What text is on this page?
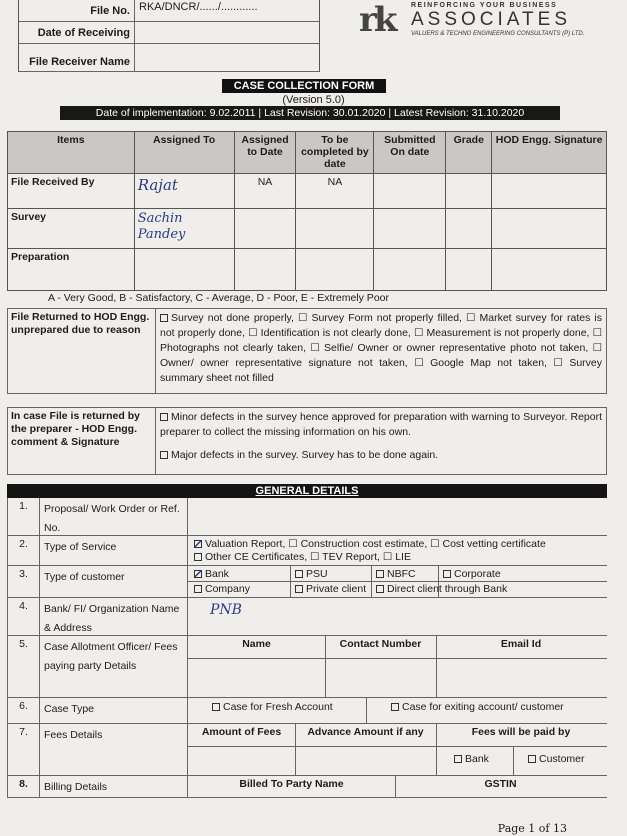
File No. RKA/DNCR/....../............
Date of Receiving
File Receiver Name
rk REINFORCING YOUR BUSINESS
ASSOCIATES
VALUERS & TECHNO ENGINEERING CONSULTANTS (P) LTD.
CASE COLLECTION FORM
(Version 5.0)
Date of implementation: 9.02.2011 | Last Revision: 30.01.2020 | Latest Revision: 31.10.2020
Items	Assigned To	Assigned to Date	To be completed by date	Submitted On date	Grade	HOD Engg. Signature
File Received By	Rajat	NA	NA			
Survey	Sachin Pandey					
Preparation						
A - Very Good, B - Satisfactory, C - Average, D - Poor, E - Extremely Poor
File Returned to HOD Engg. unprepared due to reason
Survey not done properly, ☐ Survey Form not properly filled, ☐ Market survey for rates is not properly done, ☐ Identification is not clearly done, ☐ Measurement is not properly done, ☐ Photographs not clearly taken, ☐ Selfie/ Owner or owner representative photo not taken, ☐ Owner/ owner representative signature not taken, ☐ Google Map not taken, ☐ Survey summary sheet not filled
In case File is returned by the preparer - HOD Engg. comment & Signature
Minor defects in the survey hence approved for preparation with warning to Surveyor. Report preparer to collect the missing information on his own.
Major defects in the survey. Survey has to be done again.
GENERAL DETAILS
1.	Proposal/ Work Order or Ref. No.
2.	Type of Service	Valuation Report, ☐ Construction cost estimate, ☐ Cost vetting certificate
Other CE Certificates, ☐ TEV Report, ☐ LIE
3.	Type of customer	Bank	PSU	NBFC	Corporate
Company	Private client	Direct client through Bank
4.	Bank/ FI/ Organization Name & Address
PNB
5.	Case Allotment Officer/ Fees paying party Details
Name	Contact Number	Email Id
6.	Case Type	Case for Fresh Account	Case for exiting account/ customer
7.	Fees Details	Amount of Fees	Advance Amount if any	Fees will be paid by
Bank	Customer
8.	Billing Details	Billed To Party Name	GSTIN
Page 1 of 13
